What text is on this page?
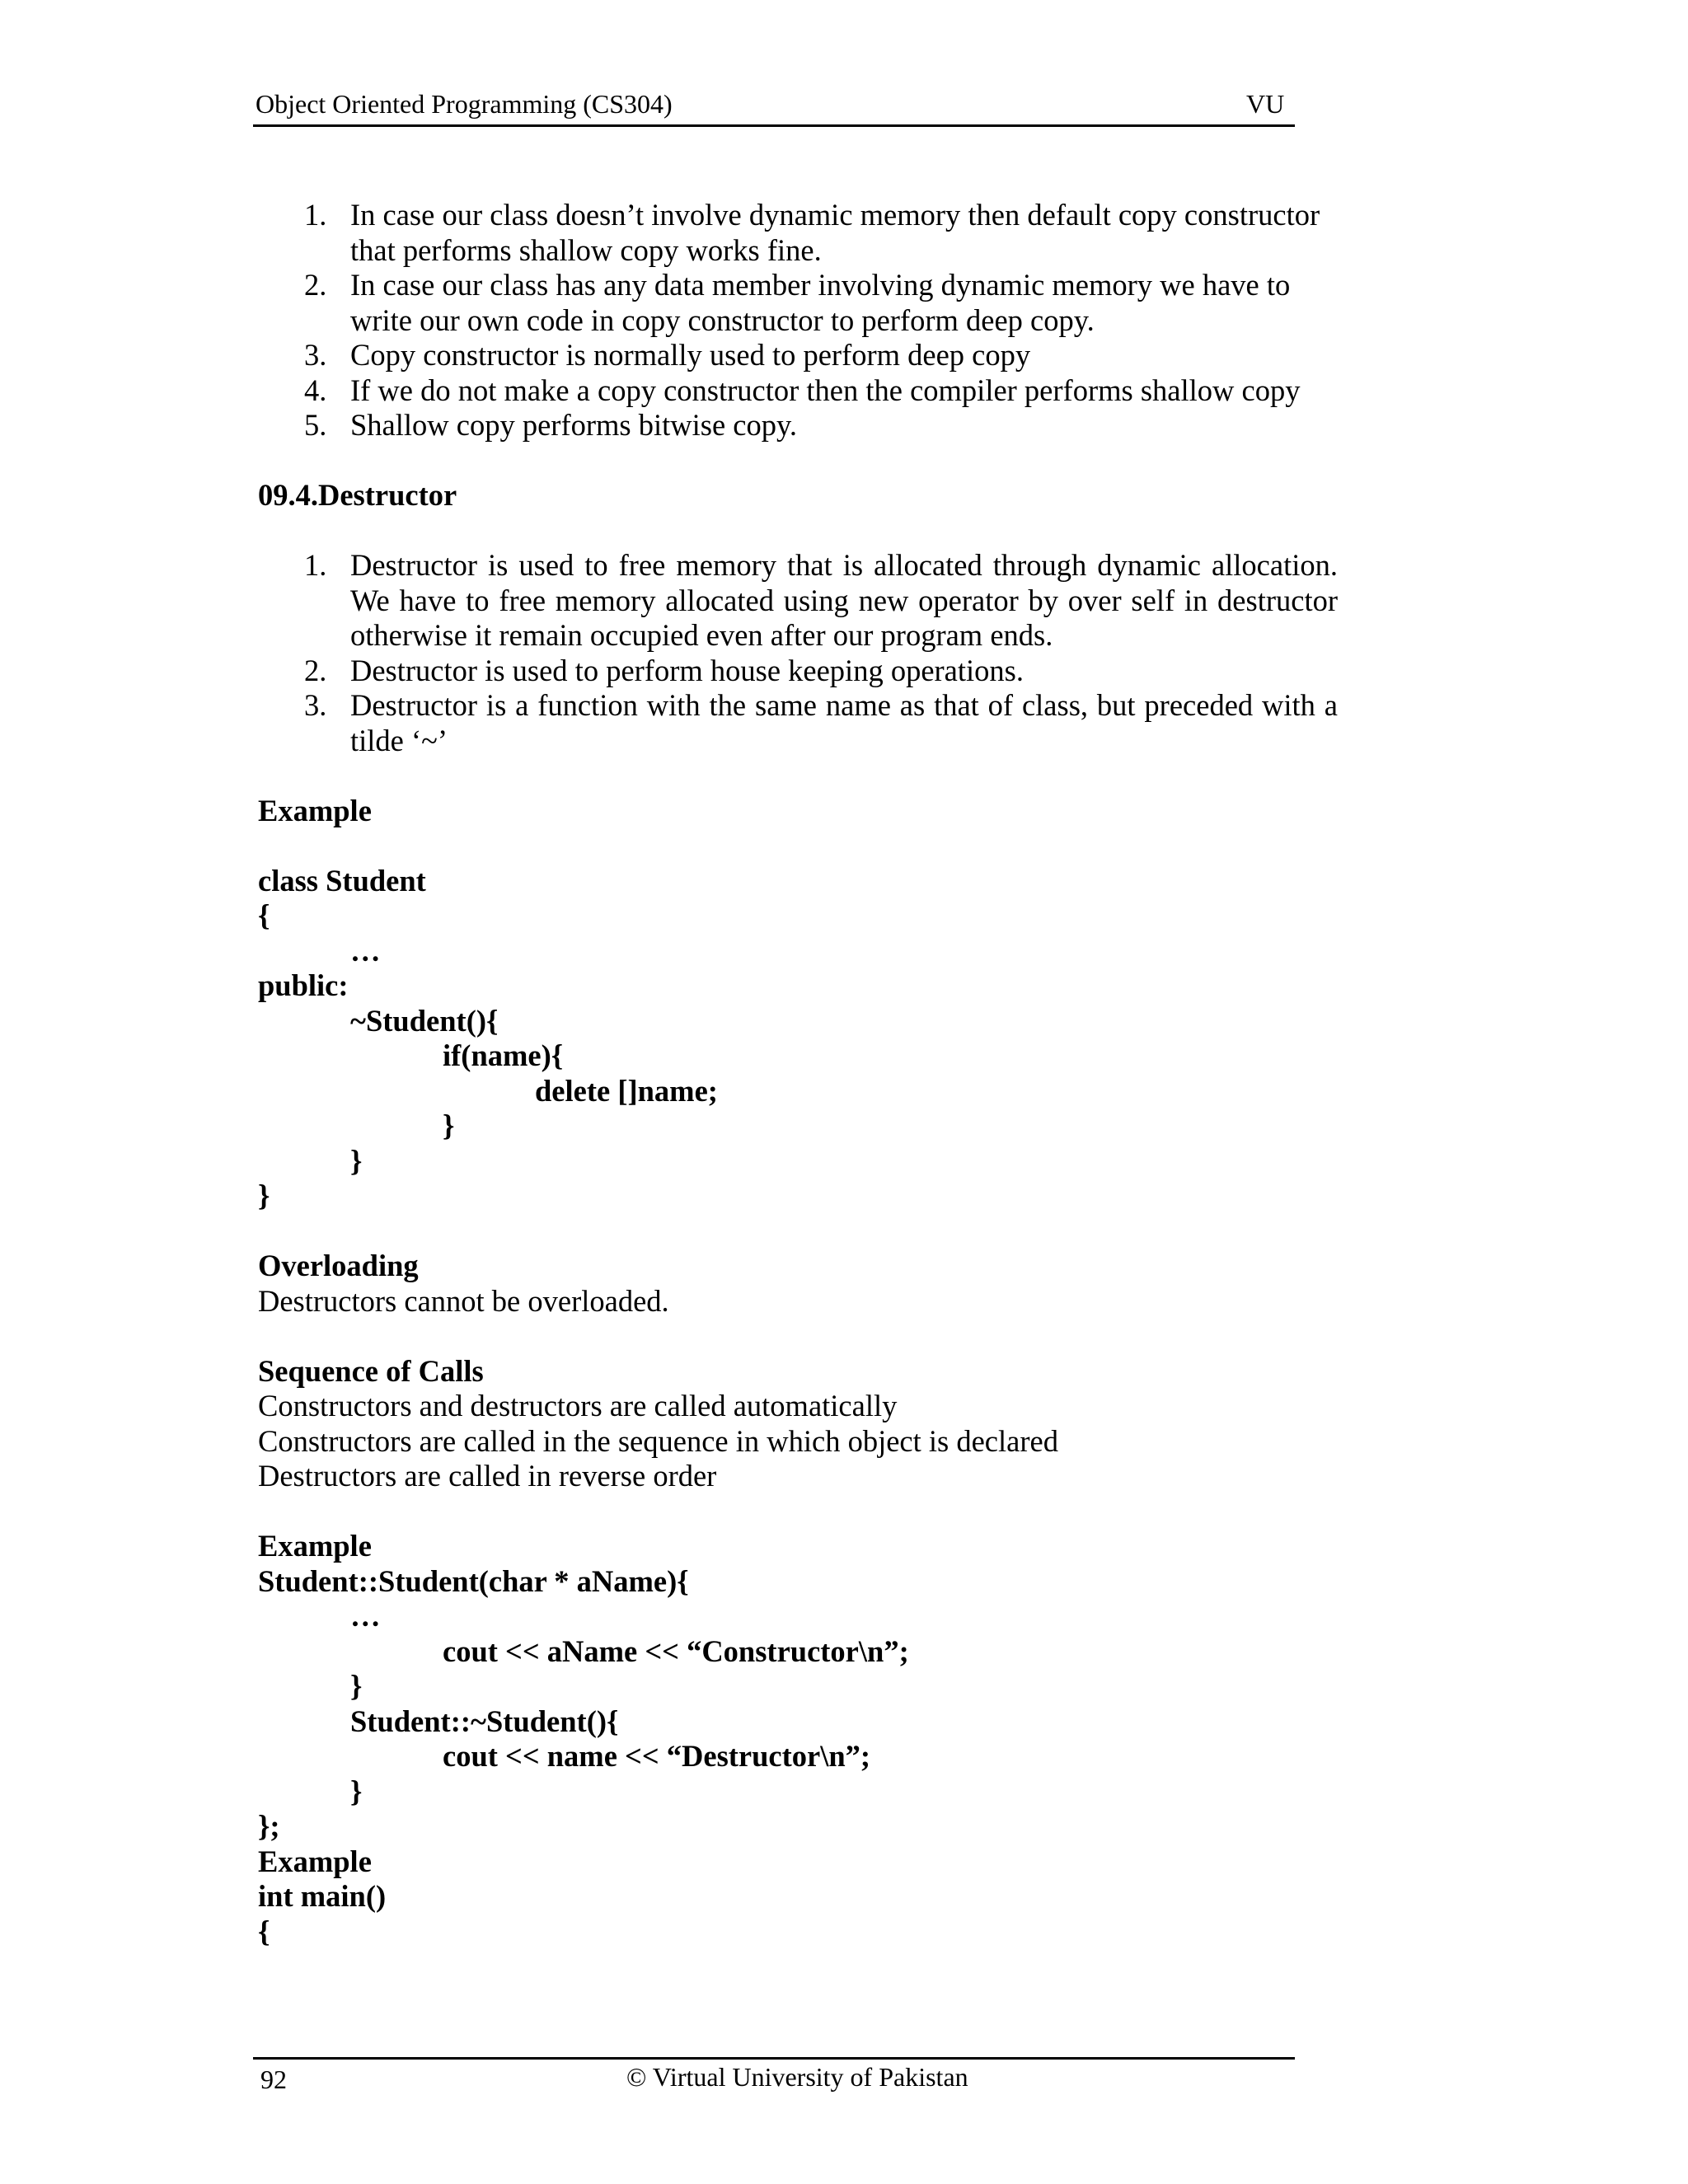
Object Oriented Programming (CS304)	VU
1. In case our class doesn’t involve dynamic memory then default copy constructor that performs shallow copy works fine.
2. In case our class has any data member involving dynamic memory we have to write our own code in copy constructor to perform deep copy.
3. Copy constructor is normally used to perform deep copy
4. If we do not make a copy constructor then the compiler performs shallow copy
5. Shallow copy performs bitwise copy.

09.4.Destructor

1. Destructor is used to free memory that is allocated through dynamic allocation. We have to free memory allocated using new operator by over self in destructor otherwise it remain occupied even after our program ends.
2. Destructor is used to perform house keeping operations.
3. Destructor is a function with the same name as that of class, but preceded with a tilde ‘~’

Example

class Student

{

…

public:

~Student(){

if(name){

delete []name;

}

}

}

Overloading

Destructors cannot be overloaded.

Sequence of Calls

Constructors and destructors are called automatically

Constructors are called in the sequence in which object is declared

Destructors are called in reverse order

Example

Student::Student(char * aName){

…

cout << aName << “Constructor\n”;

}

Student::~Student(){

cout << name << “Destructor\n”;

}

};

Example

int main()

{

92	© Virtual University of Pakistan
